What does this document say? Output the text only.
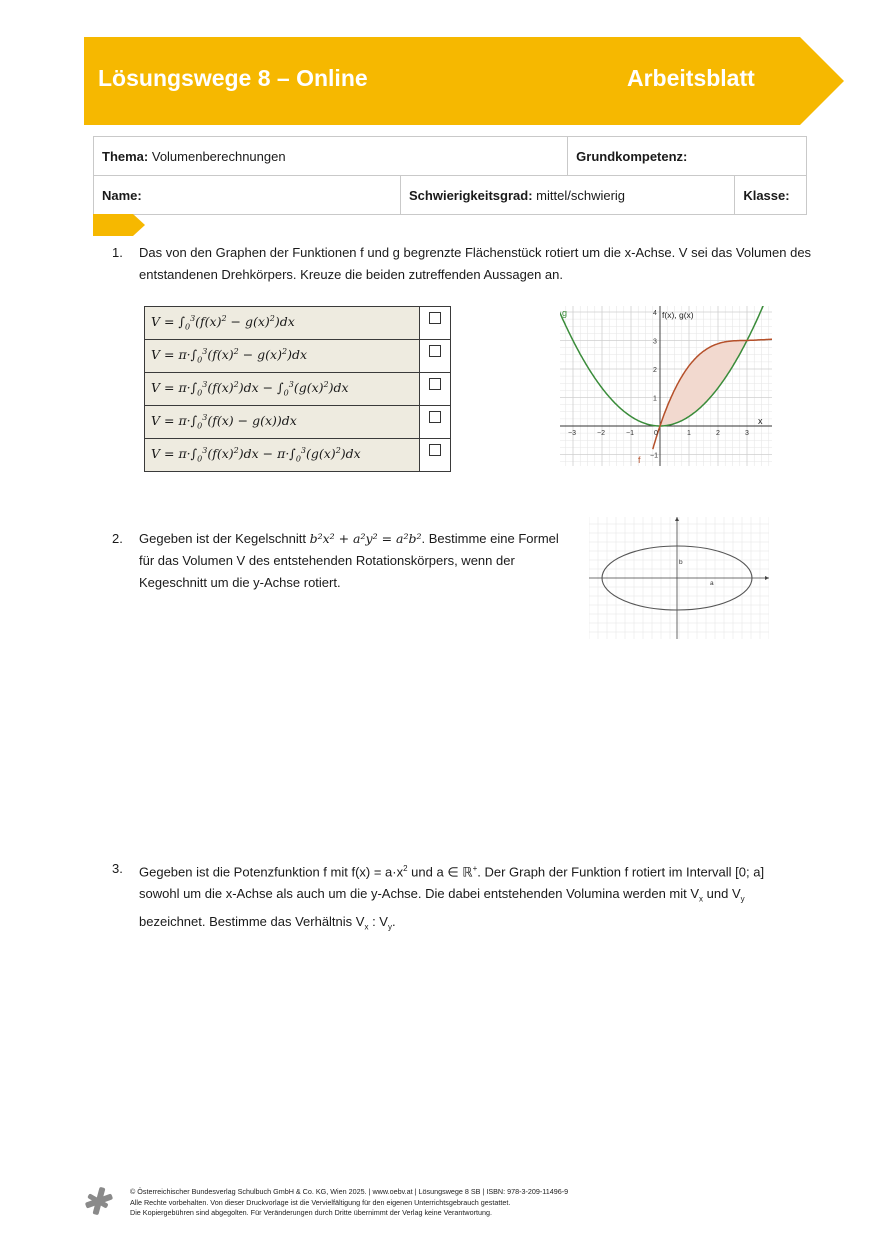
Lösungswege 8 – Online	Arbeitsblatt
Thema: Volumenberechnungen		Grundkompetenz:	
Name:	Schwierigkeitsgrad: mittel/schwierig		Klasse:
1. Das von den Graphen der Funktionen f und g begrenzte Flächenstück rotiert um die x-Achse. V sei das Volumen des
entstandenen Drehkörpers. Kreuze die beiden zutreffenden Aussagen an.
$V = \int_0^3(f(x)^2 - g(x)^2)dx$	
$V = \pi\cdot\int_0^3(f(x)^2 - g(x)^2)dx$	
$V = \pi\cdot\int_0^3(f(x)^2)dx - \int_0^3(g(x)^2)dx$	
$V = \pi\cdot\int_0^3(f(x) - g(x))dx$	
$V = \pi\cdot\int_0^3(f(x)^2)dx - \pi\cdot\int_0^3(g(x)^2)dx$	
−3	−2	−1	0	1	2	3
1
2
3
4
−1
f(x), g(x)
x
g
f
2. Gegeben ist der Kegelschnitt b²x² + a²y² = a²b². Bestimme eine Formel
für das Volumen V des entstehenden Rotationskörpers, wenn der
Kegeschnitt um die y-Achse rotiert.	a
b
3. Gegeben ist die Potenzfunktion f mit $f(x) = a\cdot x^2$ und a ∈ ℝ+. Der Graph der Funktion f rotiert im Intervall [0; a]
sowohl um die x-Achse als auch um die y-Achse. Die dabei entstehenden Volumina werden mit $V_x$ und $V_y$
bezeichnet. Bestimme das Verhältnis $V_x$ : $V_y$.
© Österreichischer Bundesverlag Schulbuch GmbH & Co. KG, Wien 2025. | www.oebv.at | Lösungswege 8 SB | ISBN: 978-3-209-11496-9
Alle Rechte vorbehalten. Von dieser Druckvorlage ist die Vervielfältigung für den eigenen Unterrichtsgebrauch gestattet.
Die Kopiergebühren sind abgegolten. Für Veränderungen durch Dritte übernimmt der Verlag keine Verantwortung.
